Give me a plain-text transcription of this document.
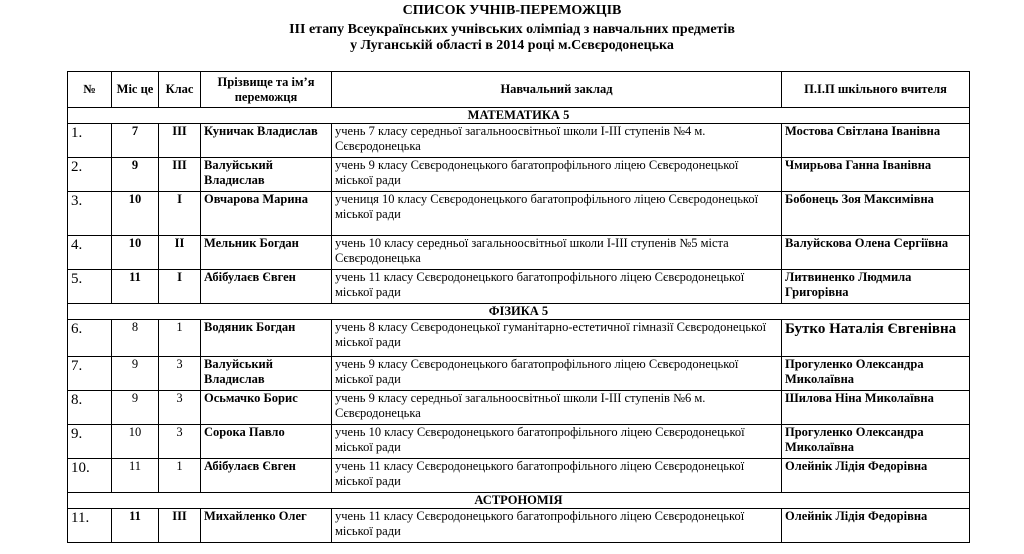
СПИСОК УЧНІВ-ПЕРЕМОЖЦІВ
ІІІ етапу Всеукраїнських учнівських олімпіад з навчальних предметів
у Луганській області в 2014 році м.Сєвєродонецька
№	Міс це	Клас	Прізвище та ім’я переможця	Навчальний заклад	П.І.П шкільного вчителя
МАТЕМАТИКА 5					
1.	7	ІІІ	Куничак Владислав	учень 7 класу середньої загальноосвітньої школи І-ІІІ ступенів №4 м. Сєвєродонецька	Мостова Світлана Іванівна
2.	9	ІІІ	Валуйський Владислав	учень 9 класу Сєвєродонецького багатопрофільного ліцею Сєвєродонецької міської ради	Чмирьова Ганна Іванівна
3.	10	І	Овчарова Марина	учениця 10 класу Сєвєродонецького багатопрофільного ліцею Сєвєродонецької міської ради	Бобонець Зоя Максимівна
4.	10	ІІ	Мельник Богдан	учень 10 класу середньої загальноосвітньої школи І-ІІІ ступенів №5 міста Сєвєродонецька	Валуйскова Олена Сергіївна
5.	11	І	Абібулаєв Євген	учень 11 класу Сєвєродонецького багатопрофільного ліцею Сєвєродонецької міської ради	Литвиненко Людмила Григорівна
ФІЗИКА 5					
6.	8	1	Водяник Богдан	учень 8 класу Сєвєродонецької гуманітарно-естетичної гімназії Сєвєродонецької міської ради	Бутко Наталія Євгенівна
7.	9	3	Валуйський Владислав	учень 9 класу Сєвєродонецького багатопрофільного ліцею Сєвєродонецької міської ради	Прогуленко Олександра Миколаївна
8.	9	3	Осьмачко Борис	учень 9 класу середньої загальноосвітньої школи І-ІІІ ступенів №6 м. Сєвєродонецька	Шилова Ніна Миколаївна
9.	10	3	Сорока Павло	учень 10 класу Сєвєродонецького багатопрофільного ліцею Сєвєродонецької міської ради	Прогуленко Олександра Миколаївна
10.	11	1	Абібулаєв Євген	учень 11 класу Сєвєродонецького багатопрофільного ліцею Сєвєродонецької міської ради	Олейнік Лідія Федорівна
АСТРОНОМІЯ					
11.	11	ІІІ	Михайленко Олег	учень 11 класу Сєвєродонецького багатопрофільного ліцею Сєвєродонецької міської ради	Олейнік Лідія Федорівна
